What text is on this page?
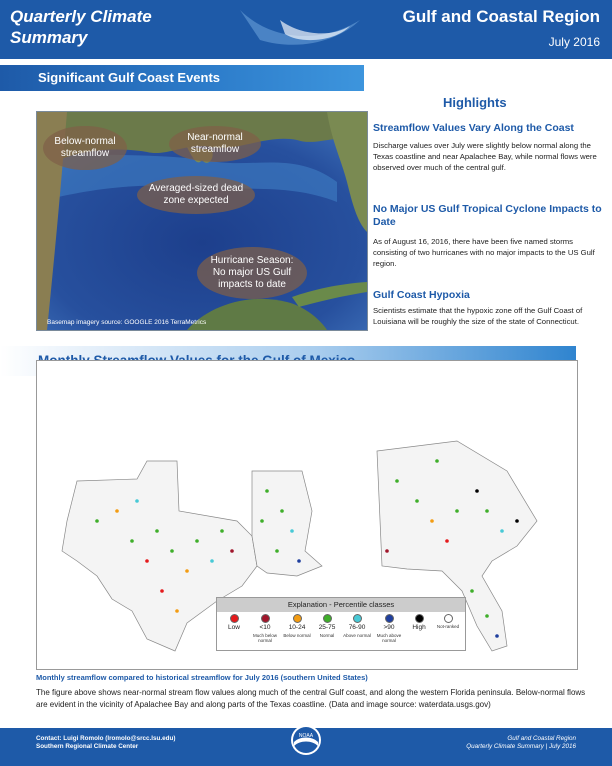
Quarterly Climate
Summary
Gulf and Coastal Region
July 2016
Significant Gulf Coast Events
Below-normal streamflow
Near-normal streamflow
Averaged-sized dead zone expected
Hurricane Season: No major US Gulf impacts to date
Basemap imagery source: GOOGLE 2016 TerraMetrics
Highlights
Streamflow Values Vary Along the Coast
Discharge values over July were slightly below normal along the Texas coastline and near Apalachee Bay, while normal flows were observed over much of the central gulf.
No Major US Gulf Tropical Cyclone Impacts to Date
As of August 16, 2016, there have been five named storms consisting of two hurricanes with no major impacts to the US Gulf region.
Gulf Coast Hypoxia
Scientists estimate that the hypoxic zone off the Gulf Coast of Louisiana will be roughly the size of the state of Connecticut.
Explanation - Percentile classes
Low	<10
Much below normal
10-24
Below normal
25-75
Normal
76-90
Above normal
>90
Much above normal
High	Not-ranked
Monthly streamflow compared to historical streamflow for July 2016 (southern United States)
The figure above shows near-normal stream flow values along much of the central Gulf coast, and along the western Florida peninsula. Below-normal flows are evident in the vicinity of Apalachee Bay and along parts of the Texas coastline. (Data and image source: waterdata.usgs.gov)
Contact: Luigi Romolo (lromolo@srcc.lsu.edu)
Southern Regional Climate Center
Gulf and Coastal Region
Quarterly Climate Summary | July 2016
NOAA
